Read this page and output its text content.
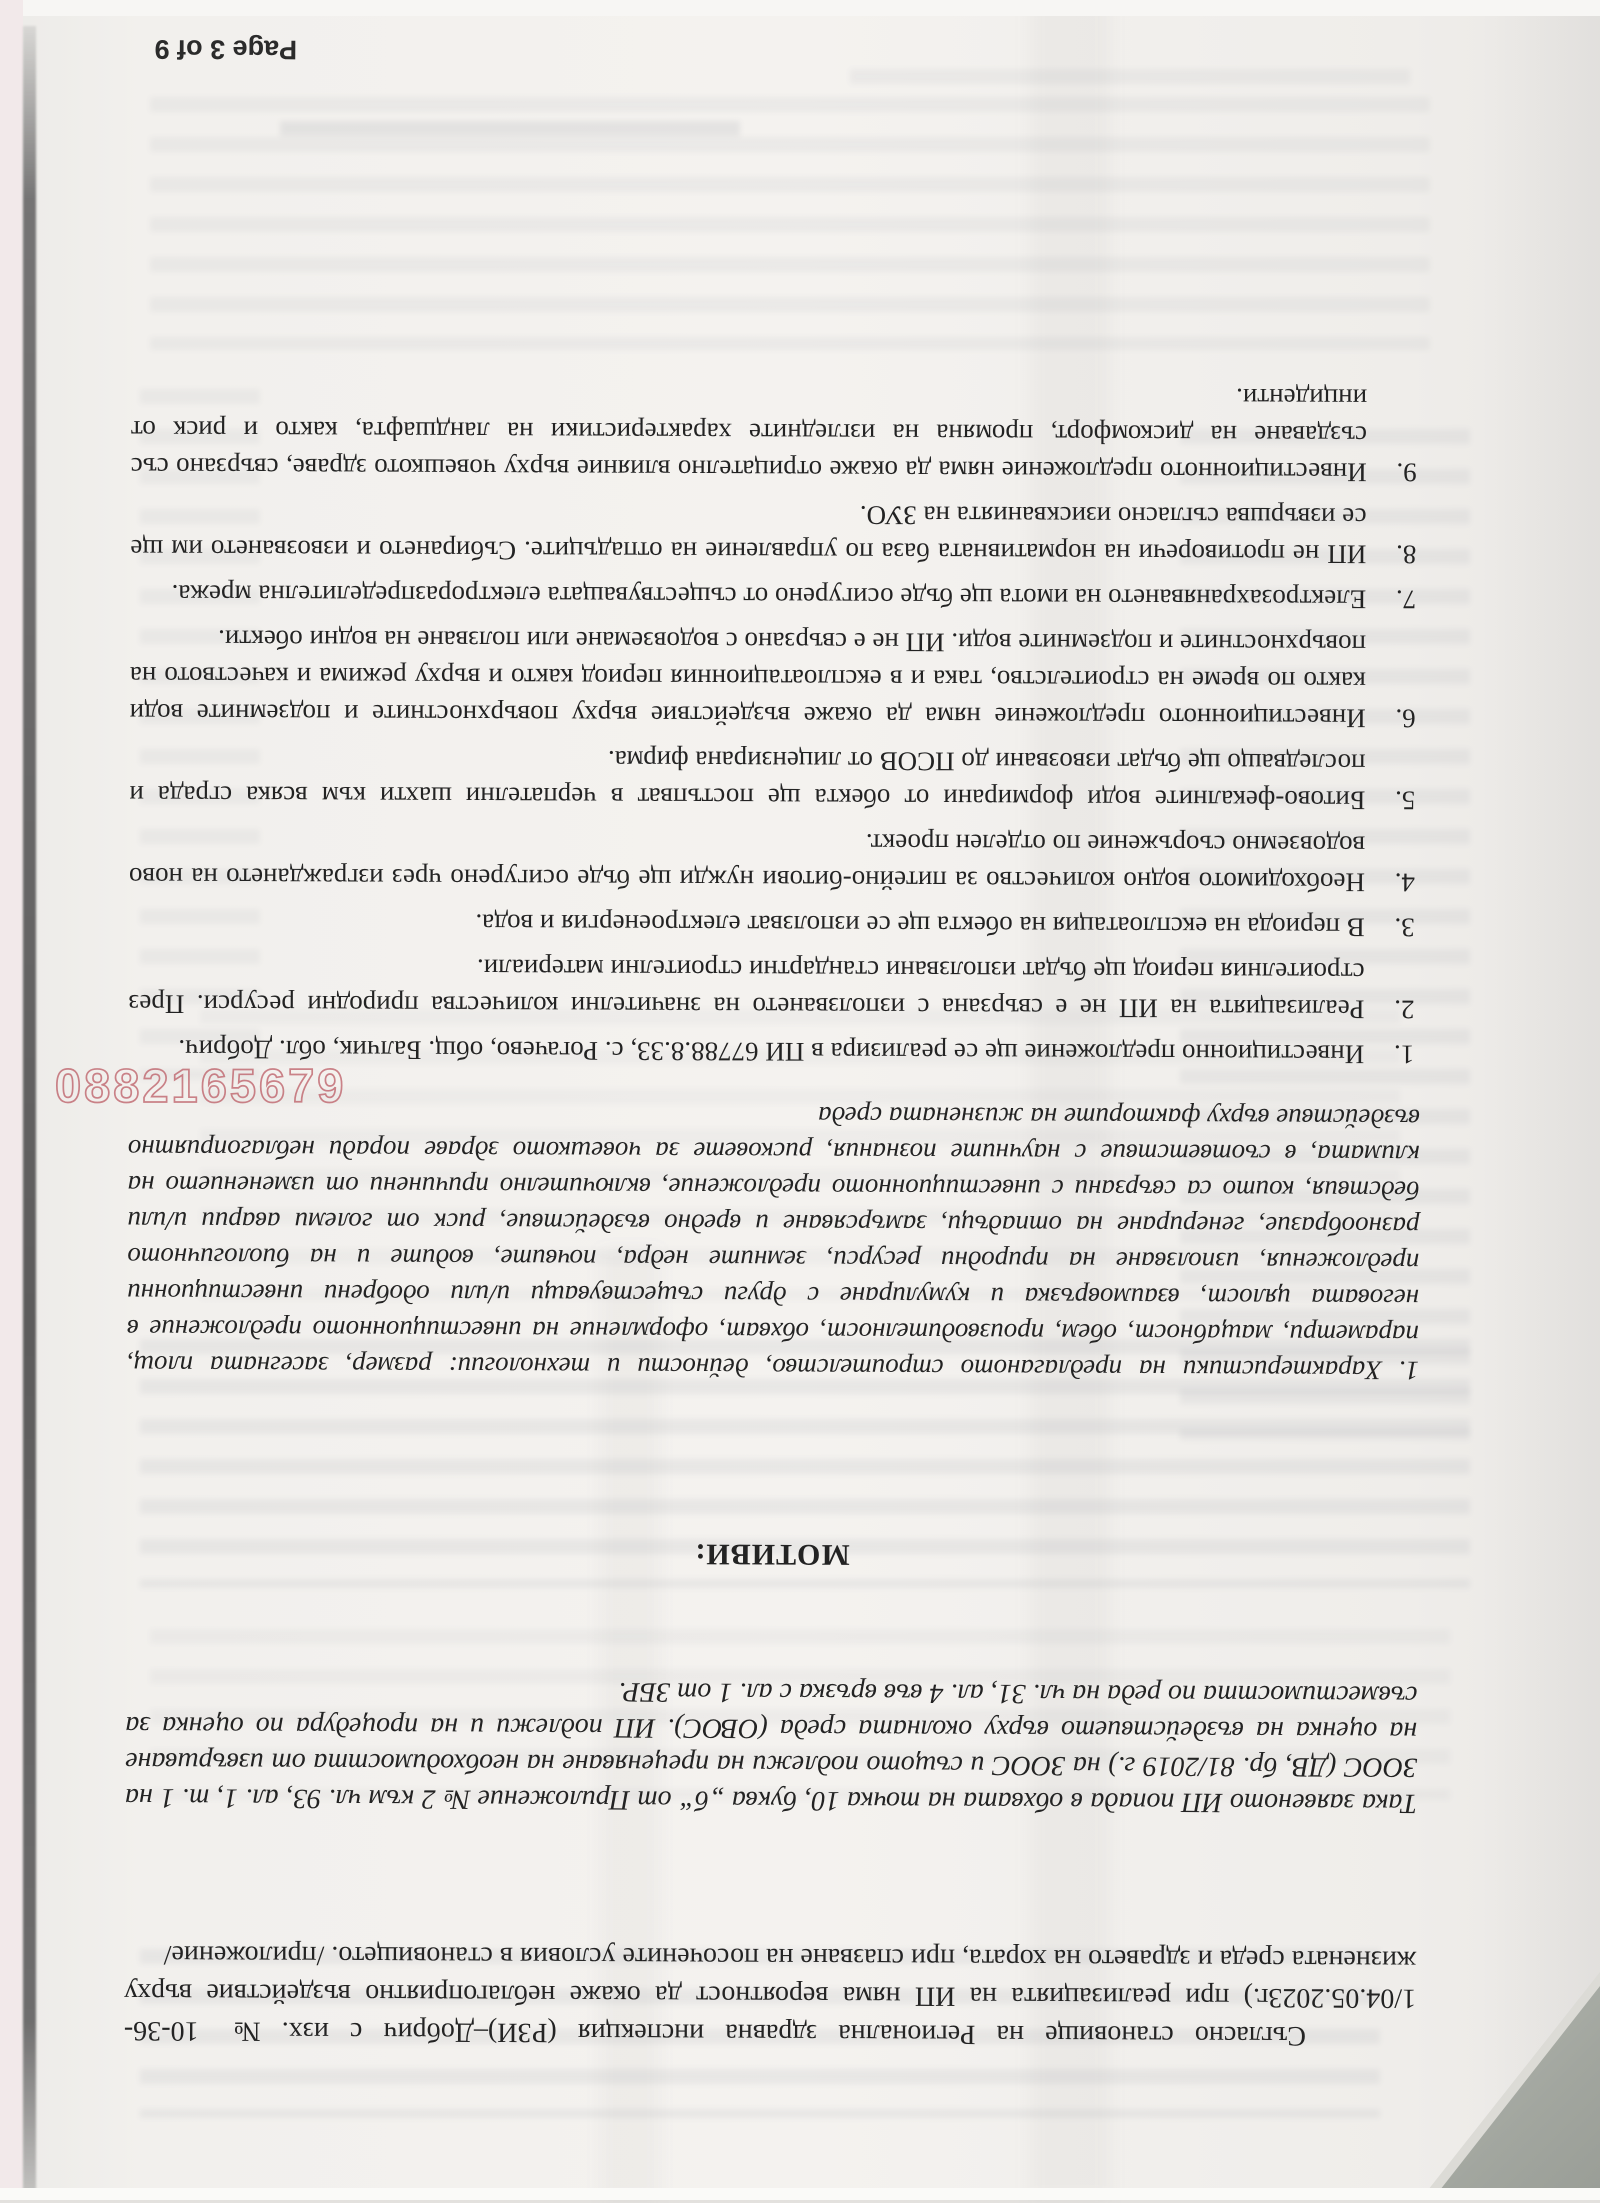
Съгласно становище на Регионална здравна инспекция (РЗИ)–Добрич с изх. № 10-36-1/04.05.2023г.) при реализацията на ИП няма вероятност да окаже неблагоприятно въздействие върху жизнената среда и здравето на хората, при спазване на посочените условия в становището. /приложение/

Така заявеното ИП попада в обхвата на точка 10, буква „б“ от Приложение № 2 към чл. 93, ал. 1, т. 1 на ЗООС (ДВ, бр. 81/2019 г.) на ЗООС и същото подлежи на преценяване на необходимостта от извършване на оценка на въздействието върху околната среда (ОВОС). ИП подлежи и на процедура по оценка за съвместимостта по реда на чл. 31, ал. 4 във връзка с ал. 1 от ЗБР.

МОТИВИ:

1. Характеристики на предлаганото строителство, дейности и технологии: размер, засегната площ, параметри, мащабност, обем, производителност, обхват, оформление на инвестиционното предложение в неговата цялост, взаимовръзка и кумулиране с други съществуващи и/или одобрени инвестиционни предложения, използване на природни ресурси, земните недра, почвите, водите и на биологичното разнообразие, генериране на отпадъци, замърсяване и вредно въздействие, риск от големи аварии и/или бедствия, които са свързани с инвестиционното предложение, включително причинени от изменението на климата, в съответствие с научните познания, рисковете за човешкото здраве поради неблагоприятно въздействие върху факторите на жизнената среда

Инвестиционно предложение ще се реализира в ПИ 67788.8.33, с. Рогачево, общ. Балчик, обл. Добрич.
Реализацията на ИП не е свързана с използването на значителни количества природни ресурси. През строителния период ще бъдат използвани стандартни строителни материали.
В периода на експлоатация на обекта ще се използват електроенергия и вода.
Необходимото водно количество за питейно-битови нужди ще бъде осигурено чрез изграждането на ново водовземно съоръжение по отделен проект.
Битово-фекалните води формирани от обекта ще постъпват в черпателни шахти към всяка сграда и последващо ще бъдат извозвани до ПСОВ от лицензирана фирма.
Инвестиционното предложение няма да окаже въздействие върху повърхностните и подземните води както по време на строителство, така и в експлоатационния период както и върху режима и качеството на повърхностните и подземните води. ИП не е свързано с водовземане или ползване на водни обекти.
Електрозахраняването на имота ще бъде осигурено от съществуващата електроразпределителна мрежа.
ИП не противоречи на нормативната база по управление на отпадъците. Събирането и извозването им ще се извършва съгласно изискванията на ЗУО.
Инвестиционното предложение няма да окаже отрицателно влияние върху човешкото здраве, свързано със създаване на дискомфорт, промяна на изгледните характеристики на ландшафта, както и риск от инциденти.
Page 3 of 9
0882165679
